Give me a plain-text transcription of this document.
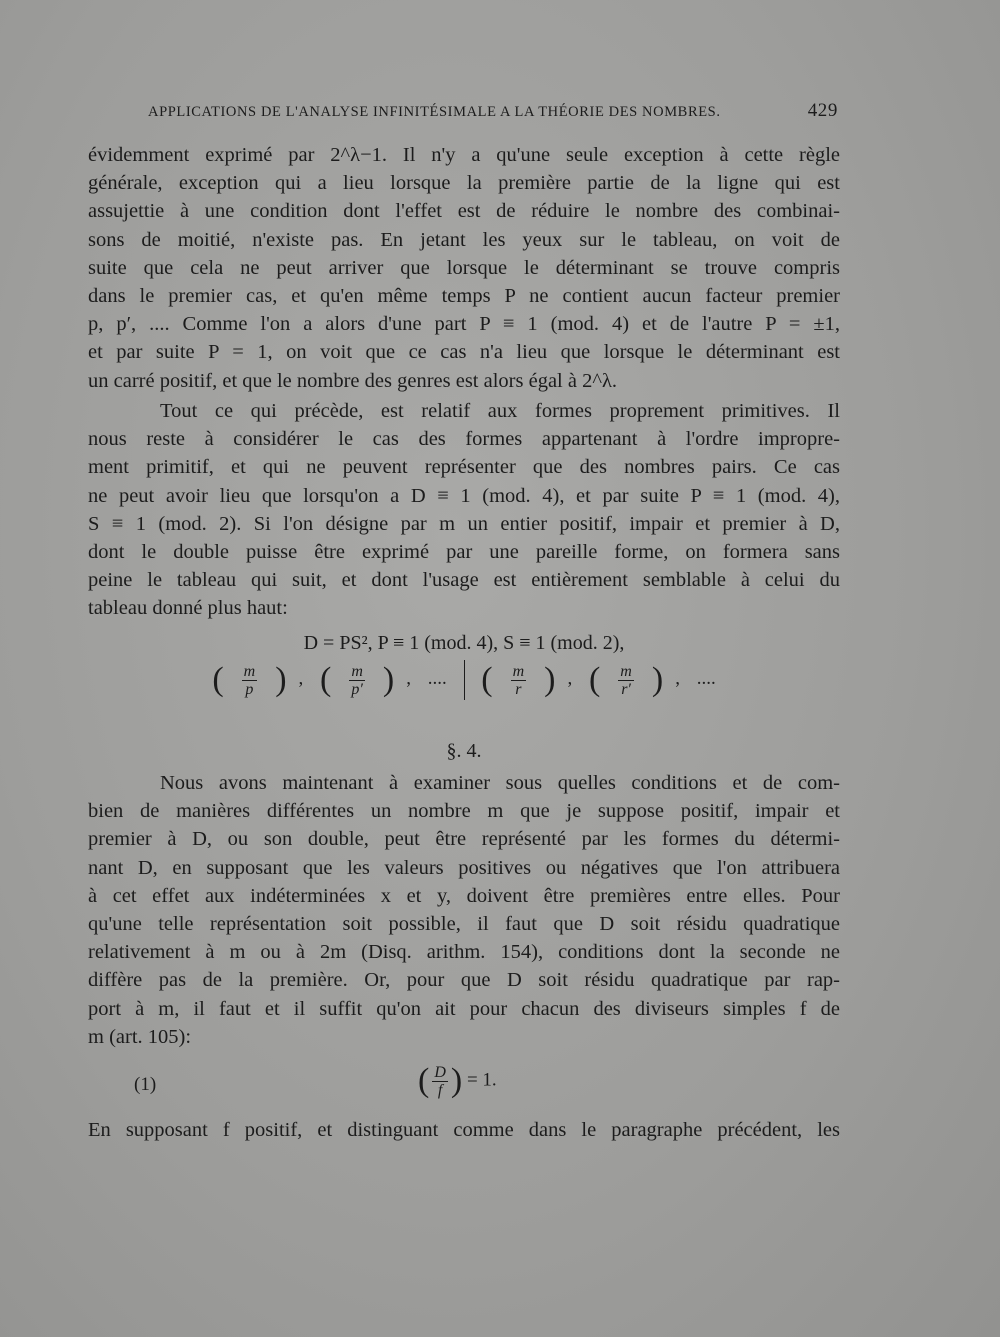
APPLICATIONS DE L'ANALYSE INFINITÉSIMALE A LA THÉORIE DES NOMBRES.	429
évidemment exprimé par 2^λ−1. Il n'y a qu'une seule exception à cette règle
générale, exception qui a lieu lorsque la première partie de la ligne qui est
assujettie à une condition dont l'effet est de réduire le nombre des combinai-
sons de moitié, n'existe pas. En jetant les yeux sur le tableau, on voit de
suite que cela ne peut arriver que lorsque le déterminant se trouve compris
dans le premier cas, et qu'en même temps P ne contient aucun facteur premier
p, p′, .... Comme l'on a alors d'une part P ≡ 1 (mod. 4) et de l'autre P = ±1,
et par suite P = 1, on voit que ce cas n'a lieu que lorsque le déterminant est
un carré positif, et que le nombre des genres est alors égal à 2^λ.
Tout ce qui précède, est relatif aux formes proprement primitives. Il
nous reste à considérer le cas des formes appartenant à l'ordre impropre-
ment primitif, et qui ne peuvent représenter que des nombres pairs. Ce cas
ne peut avoir lieu que lorsqu'on a D ≡ 1 (mod. 4), et par suite P ≡ 1 (mod. 4),
S ≡ 1 (mod. 2). Si l'on désigne par m un entier positif, impair et premier à D,
dont le double puisse être exprimé par une pareille forme, on formera sans
peine le tableau qui suit, et dont l'usage est entièrement semblable à celui du
tableau donné plus haut:
D = PS², P ≡ 1 (mod. 4), S ≡ 1 (mod. 2),
( $\frac{m}{p}$ ) , ( $\frac{m}{p'}$ ) , .... ( $\frac{m}{r}$ ) , ( $\frac{m}{r'}$ ) , ....
§. 4.
Nous avons maintenant à examiner sous quelles conditions et de com-
bien de manières différentes un nombre m que je suppose positif, impair et
premier à D, ou son double, peut être représenté par les formes du détermi-
nant D, en supposant que les valeurs positives ou négatives que l'on attribuera
à cet effet aux indéterminées x et y, doivent être premières entre elles. Pour
qu'une telle représentation soit possible, il faut que D soit résidu quadratique
relativement à m ou à 2m (Disq. arithm. 154), conditions dont la seconde ne
diffère pas de la première. Or, pour que D soit résidu quadratique par rap-
port à m, il faut et il suffit qu'on ait pour chacun des diviseurs simples f de
m (art. 105):
(1)	( $\frac{D}{f}$ ) = 1.
En supposant f positif, et distinguant comme dans le paragraphe précédent, les
